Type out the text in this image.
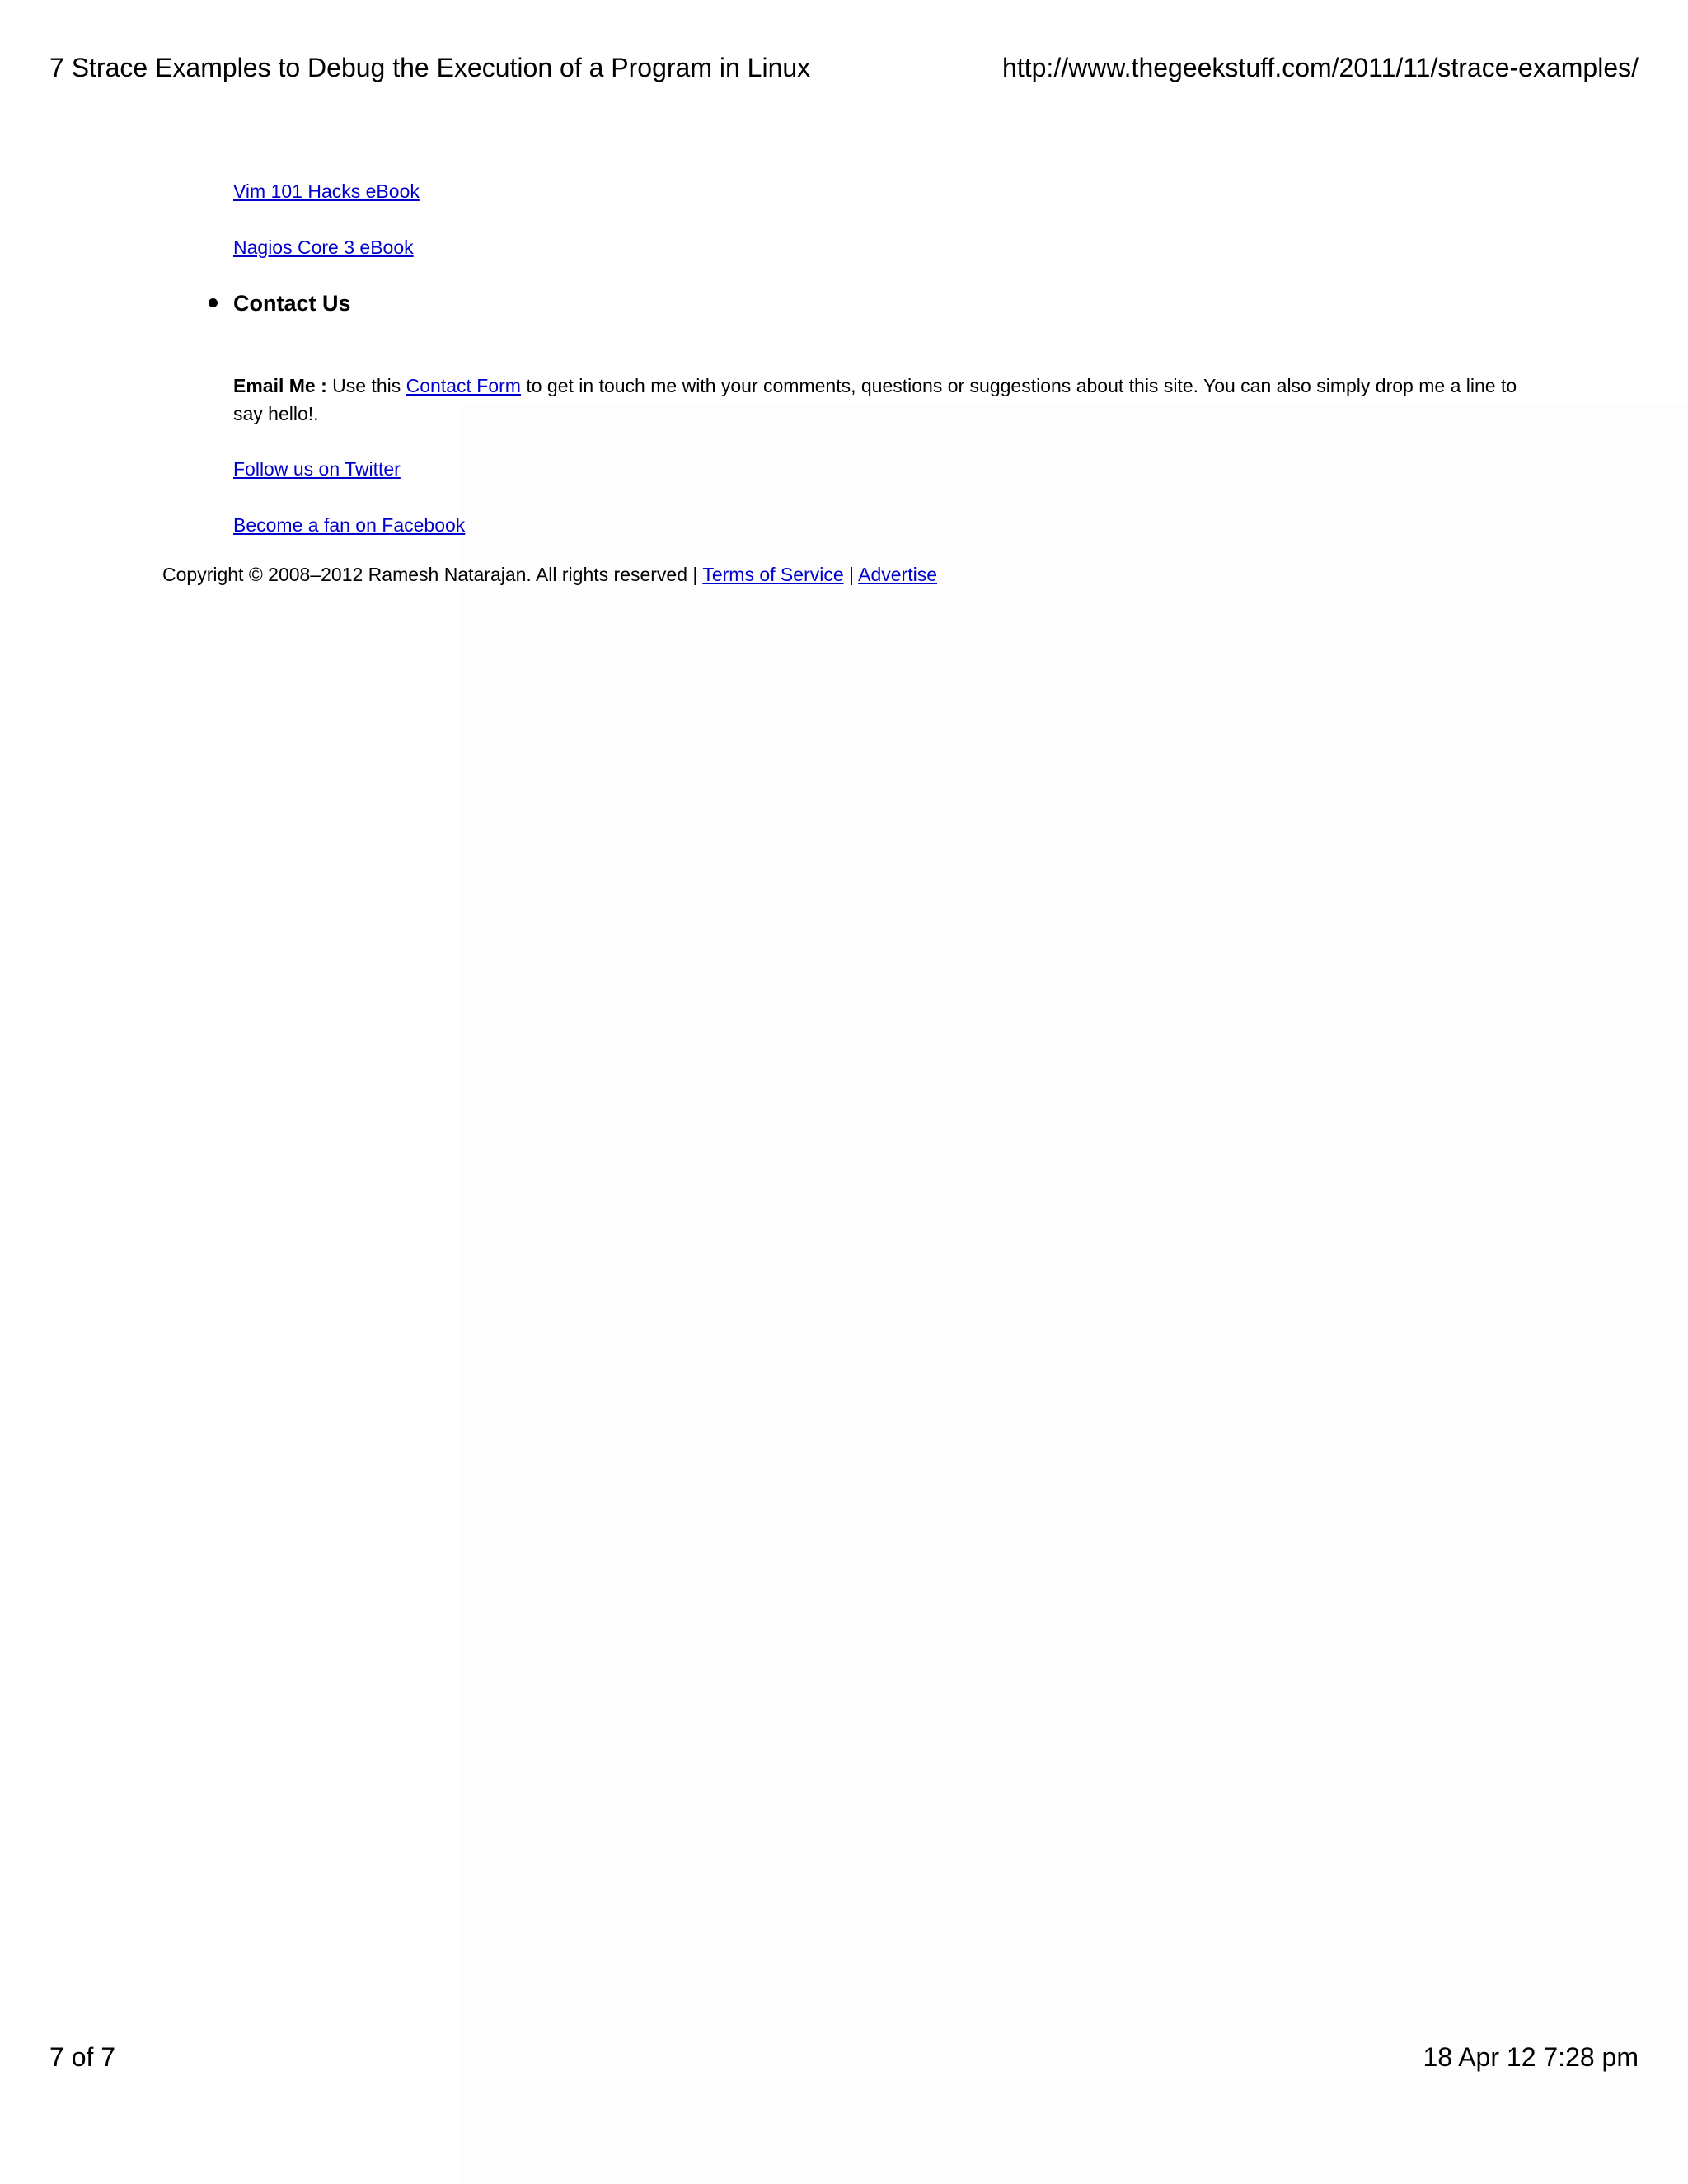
7 Strace Examples to Debug the Execution of a Program in Linux	http://www.thegeekstuff.com/2011/11/strace-examples/
Vim 101 Hacks eBook
Nagios Core 3 eBook
Contact Us
Email Me : Use this Contact Form to get in touch me with your comments, questions or suggestions about this site. You can also simply drop me a line to say hello!.
Follow us on Twitter
Become a fan on Facebook
Copyright © 2008–2012 Ramesh Natarajan. All rights reserved | Terms of Service | Advertise
7 of 7	18 Apr 12 7:28 pm
